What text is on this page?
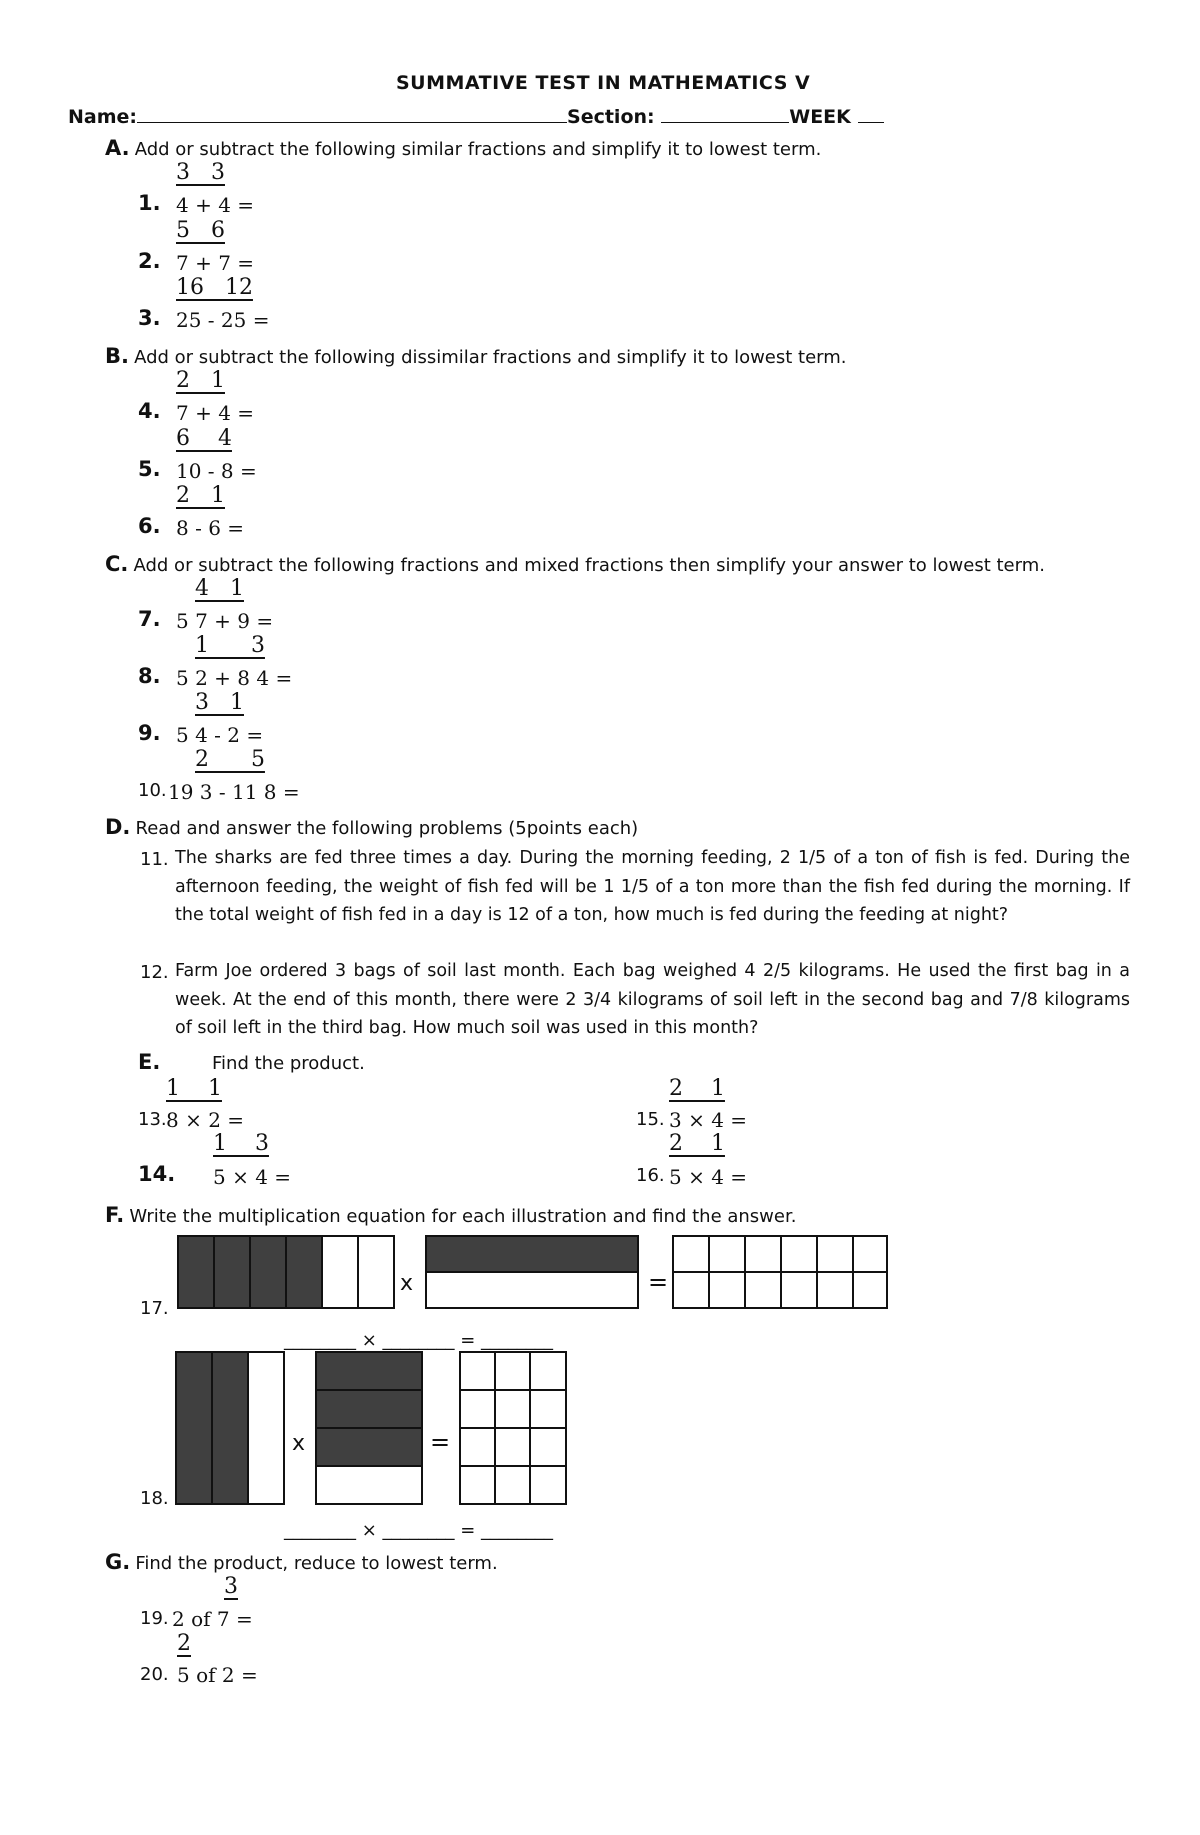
SUMMATIVE TEST IN MATHEMATICS V
Name:	Section:	WEEK
A. Add or subtract the following similar fractions and simplify it to lowest term.
3   3
1. 4 + 4 =
5   6
2. 7 + 7 =
16   12
3. 25 - 25 =
B. Add or subtract the following dissimilar fractions and simplify it to lowest term.
2   1
4. 7 + 4 =
6    4
5. 10 - 8 =
2   1
6. 8 - 6 =
C. Add or subtract the following fractions and mixed fractions then simplify your answer to lowest term.
4   1
7. 5 7 + 9 =
1      3
8. 5 2 + 8 4 =
3   1
9. 5 4 - 2 =
2      5
10. 19 3 - 11 8 =
D. Read and answer the following problems (5points each)
11. The sharks are fed three times a day. During the morning feeding, 2 1/5 of a ton of fish is fed. During the afternoon feeding, the weight of fish fed will be 1 1/5 of a ton more than the fish fed during the morning. If the total weight of fish fed in a day is 12 of a ton, how much is fed during the feeding at night?
12. Farm Joe ordered 3 bags of soil last month. Each bag weighed 4 2/5 kilograms. He used the first bag in a week. At the end of this month, there were 2 3/4 kilograms of soil left in the second bag and 7/8 kilograms of soil left in the third bag. How much soil was used in this month?
E.	Find the product.
1    1
13. 8 × 2 =
1    3
14. 5 × 4 =
2    1
15. 3 × 4 =
2    1
16. 5 × 4 =
F. Write the multiplication equation for each illustration and find the answer.
17.
x	=
________ × ________ = ________
18.
x	=
________ × ________ = ________
G. Find the product, reduce to lowest term.
3
19. 2 of 7 =
2
20. 5 of 2 =
